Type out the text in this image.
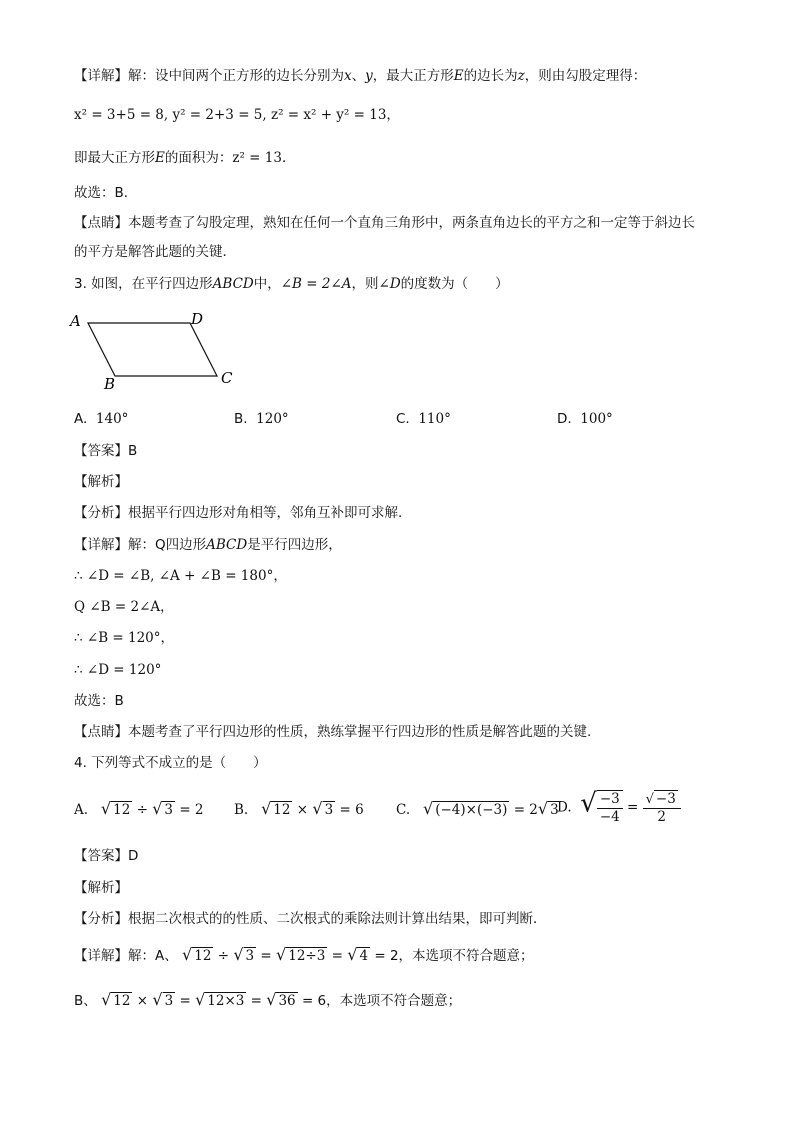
【详解】解：设中间两个正方形的边长分别为x、y，最大正方形E的边长为z，则由勾股定理得：
x² = 3+5 = 8, y² = 2+3 = 5, z² = x² + y² = 13，
即最大正方形E的面积为：z² = 13．
故选：B．
【点睛】本题考查了勾股定理，熟知在任何一个直角三角形中，两条直角边长的平方之和一定等于斜边长
的平方是解答此题的关键．
3. 如图，在平行四边形ABCD中，∠B = 2∠A，则∠D的度数为（　　）
A	D
B	C
A. 140°	B. 120°	C. 110°	D. 100°
【答案】B
【解析】
【分析】根据平行四边形对角相等，邻角互补即可求解.
【详解】解：Q四边形ABCD是平行四边形，
∴ ∠D = ∠B, ∠A + ∠B = 180°，
Q ∠B = 2∠A，
∴ ∠B = 120°，
∴ ∠D = 120°
故选：B
【点睛】本题考查了平行四边形的性质，熟练掌握平行四边形的性质是解答此题的关键.
4. 下列等式不成立的是（　　）
A. √ 12 ÷ √ 3 = 2 B. √ 12 × √ 3 = 6 C. √ (−4)×(−3) = 2√ 3
D. √ $\frac{-3}{-4} = \frac{√ -3}{2}$
【答案】D
【解析】
【分析】根据二次根式的的性质、二次根式的乘除法则计算出结果，即可判断．
【详解】解：A、 √ 12 ÷ √ 3 = √ 12÷3 = √ 4 = 2，本选项不符合题意；
B、 √ 12 × √ 3 = √ 12×3 = √ 36 = 6，本选项不符合题意；
